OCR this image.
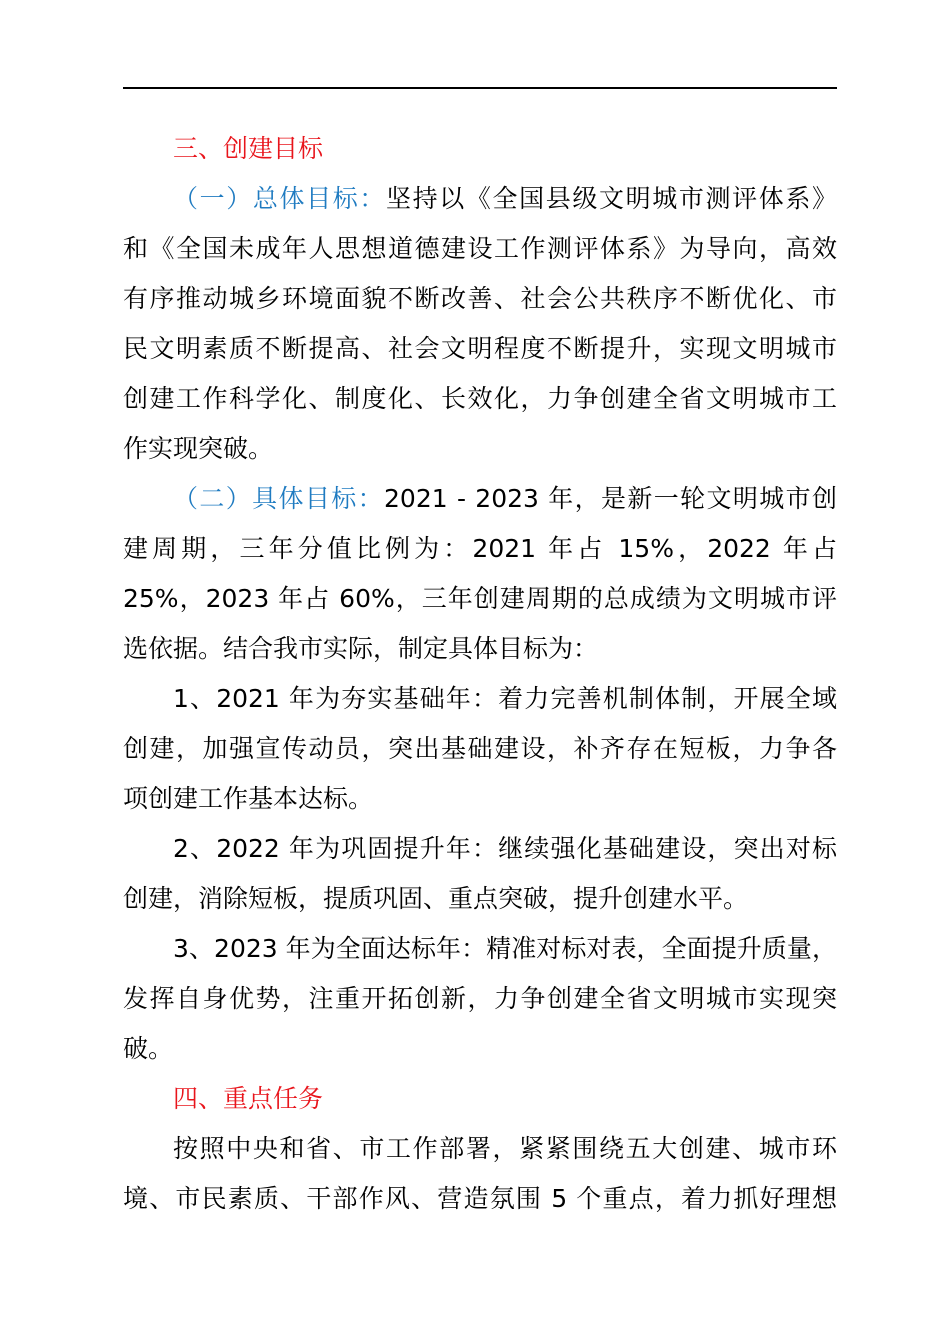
三、创建目标
（一）总体目标：坚持以《全国县级文明城市测评体系》
和《全国未成年人思想道德建设工作测评体系》为导向，高效
有序推动城乡环境面貌不断改善、社会公共秩序不断优化、市
民文明素质不断提高、社会文明程度不断提升，实现文明城市
创建工作科学化、制度化、长效化，力争创建全省文明城市工
作实现突破。
（二）具体目标：2021 - 2023 年，是新一轮文明城市创
建周期，三年分值比例为：2021 年占 15%，2022 年占
25%，2023 年占 60%，三年创建周期的总成绩为文明城市评
选依据。结合我市实际，制定具体目标为：
1、2021 年为夯实基础年：着力完善机制体制，开展全域
创建，加强宣传动员，突出基础建设，补齐存在短板，力争各
项创建工作基本达标。
2、2022 年为巩固提升年：继续强化基础建设，突出对标
创建，消除短板，提质巩固、重点突破，提升创建水平。
3、2023 年为全面达标年：精准对标对表，全面提升质量，
发挥自身优势，注重开拓创新，力争创建全省文明城市实现突
破。
四、重点任务
按照中央和省、市工作部署，紧紧围绕五大创建、城市环
境、市民素质、干部作风、营造氛围 5 个重点，着力抓好理想
